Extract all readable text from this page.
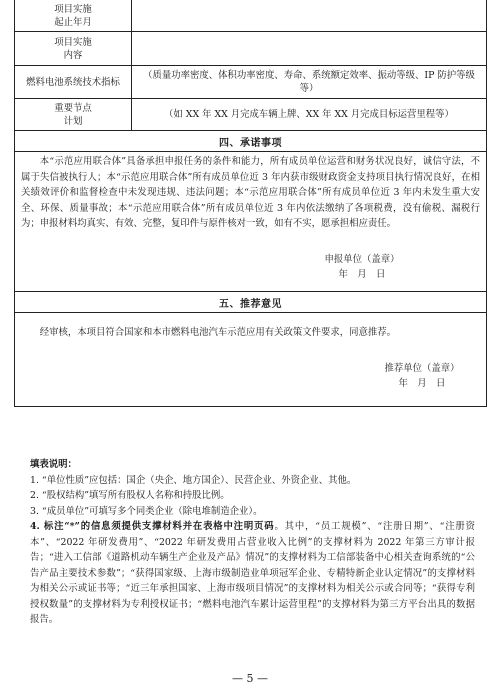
项目实施
起止年月
项目实施
内容
燃料电池系统技术指标
（质量功率密度、体积功率密度、寿命、系统额定效率、振动等级、IP 防护等级等）
重要节点
计划
（如 XX 年 XX 月完成车辆上牌、XX 年 XX 月完成目标运营里程等）
四、承诺事项
本“示范应用联合体”具备承担申报任务的条件和能力，所有成员单位运营和财务状况良好，诚信守法，不属于失信被执行人；本“示范应用联合体”所有成员单位近 3 年内获市级财政资金支持项目执行情况良好，在相关绩效评价和监督检查中未发现违规、违法问题；本“示范应用联合体”所有成员单位近 3 年内未发生重大安全、环保、质量事故；本“示范应用联合体”所有成员单位近 3 年内依法缴纳了各项税费，没有偷税、漏税行为；申报材料均真实、有效、完整，复印件与原件核对一致，如有不实，愿承担相应责任。
申报单位（盖章）
年　月　日
五、推荐意见
经审核，本项目符合国家和本市燃料电池汽车示范应用有关政策文件要求，同意推荐。
推荐单位（盖章）
年　月　日
填表说明：
1. “单位性质”应包括：国企（央企、地方国企）、民营企业、外资企业、其他。
2. “股权结构”填写所有股权人名称和持股比例。
3. “成员单位”可填写多个同类企业（除电堆制造企业）。
4. 标注“*”的信息须提供支撑材料并在表格中注明页码。其中，“员工规模”、“注册日期”、“注册资本”、“2022 年研发费用”、“2022 年研发费用占营业收入比例”的支撑材料为 2022 年第三方审计报告；“进入工信部《道路机动车辆生产企业及产品》情况”的支撑材料为工信部装备中心相关查询系统的“公告产品主要技术参数”；“获得国家级、上海市级制造业单项冠军企业、专精特新企业认定情况”的支撑材料为相关公示或证书等；“近三年承担国家、上海市级项目情况”的支撑材料为相关公示或合同等；“获得专利授权数量”的支撑材料为专利授权证书；“燃料电池汽车累计运营里程”的支撑材料为第三方平台出具的数据报告。
— 5 —
